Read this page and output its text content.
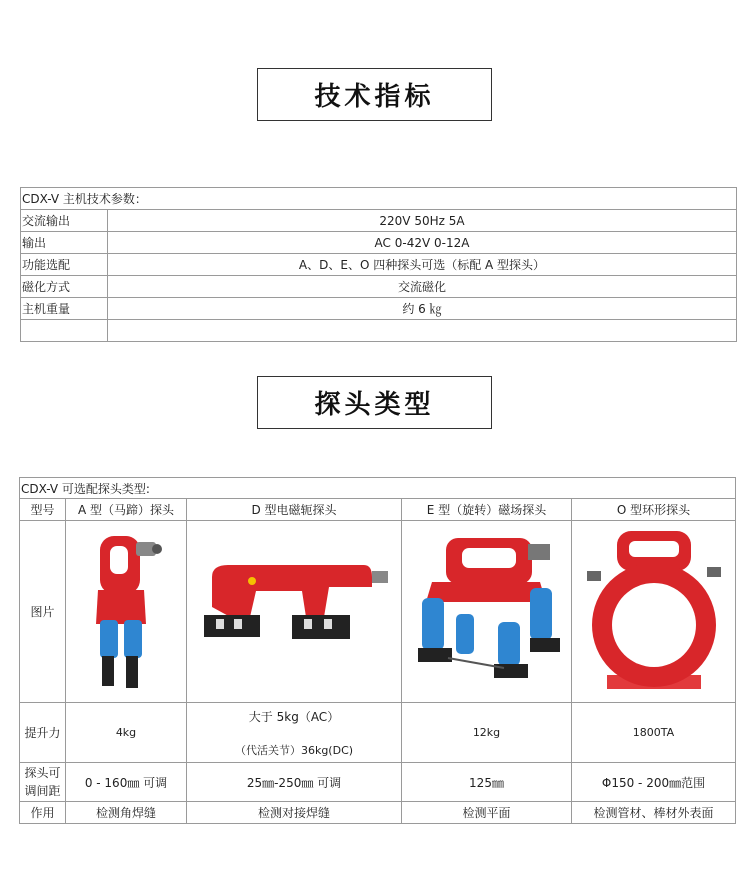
技术指标
CDX-V 主机技术参数：	
交流输出	220V 50Hz 5A
输出	AC 0-42V 0-12A
功能选配	A、D、E、O 四种探头可选（标配 A 型探头）
磁化方式	交流磁化
主机重量	约 6 ㎏

探头类型
CDX-V 可选配探头类型:				
型号	A 型（马蹄）探头	D 型电磁轭探头	E 型（旋转）磁场探头	O 型环形探头
图片	

提升力	4kg	大于 5kg（AC）
（代活关节）36kg(DC)	12kg	1800TA

探头可
调间距	0 - 160㎜ 可调	25㎜-250㎜ 可调	125㎜	Φ150 - 200㎜范围
作用	检测角焊缝	检测对接焊缝	检测平面	检测管材、棒材外表面
